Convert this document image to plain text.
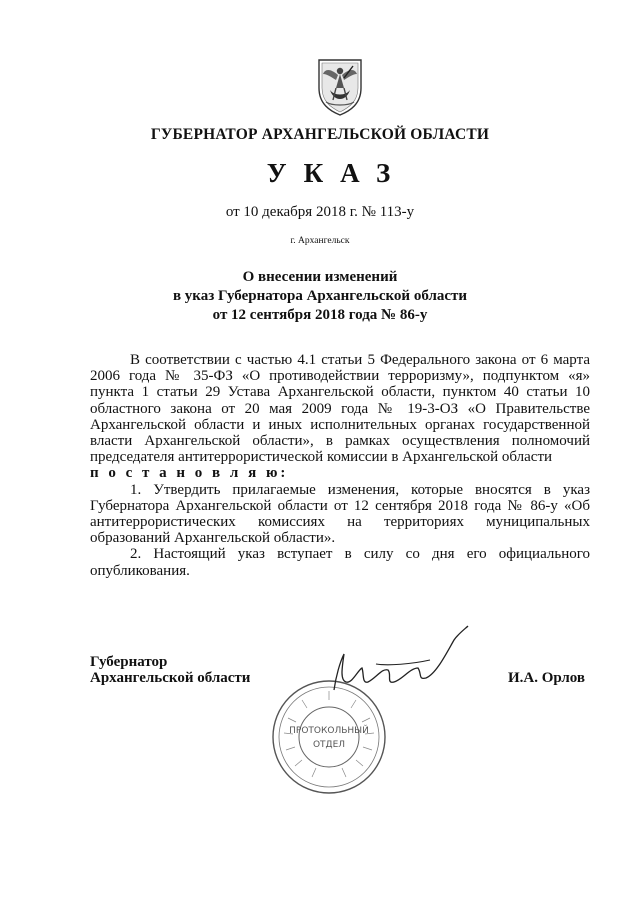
ГУБЕРНАТОР АРХАНГЕЛЬСКОЙ ОБЛАСТИ
УКАЗ
от 10 декабря 2018 г. № 113-у
г. Архангельск
О внесении изменений
в указ Губернатора Архангельской области
от 12 сентября 2018 года № 86-у

В соответствии с частью 4.1 статьи 5 Федерального закона от 6 марта 2006 года № 35-ФЗ «О противодействии терроризму», подпунктом «я» пункта 1 статьи 29 Устава Архангельской области, пунктом 40 статьи 10 областного закона от 20 мая 2009 года № 19-3-ОЗ «О Правительстве Архангельской области и иных исполнительных органах государственной власти Архангельской области», в рамках осуществления полномочий председателя антитеррористической комиссии в Архангельской области

п о с т а н о в л я ю:

1. Утвердить прилагаемые изменения, которые вносятся в указ Губернатора Архангельской области от 12 сентября 2018 года № 86-у «Об антитеррористических комиссиях на территориях муниципальных образований Архангельской области».

2. Настоящий указ вступает в силу со дня его официального опубликования.

Губернатор
Архангельской области	И.А. Орлов
ПРОТОКОЛЬНЫЙ
ОТДЕЛ
